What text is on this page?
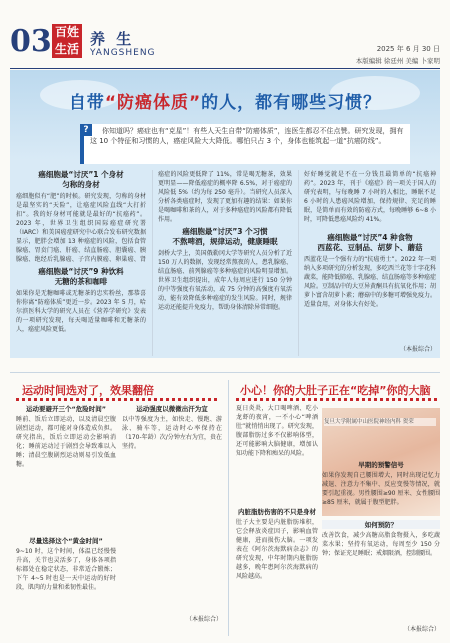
03 百姓
生活
养 生
YANGSHENG	2025 年 6 月 30 日
本版编辑 徐廷州 美编 卜家明
自带“防癌体质”的人，都有哪些习惯？
你知道吗？癌症也有“克星”！有些人天生自带“防癌体质”，连医生都忍不住点赞。研究发现，拥有这 10 个特征和习惯的人，癌症风险大大降低。哪怕只占 3 个，身体也能筑起一道“抗癌防线”。
?
癌细胞最“讨厌”1 个身材
匀称的身材
癌细胞似有“肥”的时候。研究发现，匀称的身材是最坚实的“天险”，让癌症风险直线“大打折扣”。我的好身材可能就是最好的“抗癌药”。2023 年，世界卫生组织国际癌症研究署（IARC）和美国癌症研究中心联合发布研究数据显示，肥胖会增加 13 种癌症的风险，包括食管腺癌、胃贲门癌、肝癌、结直肠癌、胆囊癌、胰腺癌、绝经后乳腺癌、子宫内膜癌、卵巢癌、肾
癌细胞最“讨厌”9 种饮料
无糖的茶和咖啡
如果你是无糖咖啡或无糖茶的忠实粉丝，那恭喜你你离“防癌体质”更近一步。2023 年 5 月，哈尔滨医科大学的研究人员在《营养学研究》发表的一项研究发现，每天喝适量咖啡和无糖茶的人，癌症风险更低。
癌症的风险更低降了 11%，常是喝无糖茶，效果更明显——降低癌症的概率降 6.5%，对于癌症的风险低 5%（约为每 250 毫升）。当研究人员深入分析各类癌症时，发现了更加有趣的结果：如果你是喝咖啡和茶的人，对于多种癌症的风险都有降低作用。
癌细胞最“讨厌”3 个习惯
不熬啤酒，规律运动，健康睡眠
剑桥大学上，美国俄勒冈大学等研究人员分析了近 150 万人的数据，发现经常熬夜的人，患乳腺癌、结直肠癌、前列腺癌等多种癌症的风险明显增加。世界卫生组织提出，成年人每周应进行 150 分钟的中等强度有氧活动，或 75 分钟的高强度有氧活动，能有效降低多种癌症的发生风险。同时，规律运动还能提升免疫力，帮助身体清除异常细胞。
好好睡觉就是不在一分钱且最简单的“抗癌神药”。2023 年，刊于《癌症》的一项关于国人的研究表明，与每晚睡 7 小时的人相比，睡眠不足 6 小时的人患癌风险增加，保持规律、充足的睡眠，是简单而有效的防癌方式，每晚睡够 6~8 小时，可降低患癌风险约 41%。
癌细胞最“讨厌”4 种食物
西蓝花、豆制品、胡萝卜、蘑菇
西蓝花是一个强有力的“抗癌勇士”。2022 年一项纳入多项研究的分析发现，多吃西兰花等十字花科蔬菜，能降低肺癌、乳腺癌、结直肠癌等多种癌症风险。豆制品中的大豆异黄酮具有抗氧化作用；胡萝卜富含胡萝卜素；蘑菇中的多糖可增强免疫力。适量食用，对身体大有好处。
（本报综合）
运动时间选对了，效果翻倍
运动要避开三个“危险时间”
睡前、饭后立即运动，以及清晨空腹剧烈运动，都可能对身体造成负担。研究指出，饭后立即运动会影响消化；睡前运动过于剧烈会导致难以入睡；清晨空腹剧烈运动则易引发低血糖。
尽量选择这个“黄金时间”
9~10 时，这个时间，体温已经慢慢升高，关节也灵活多了，身体各项指标都处在稳定状态，非常适合锻炼；下午 4~5 时也是一天中运动的好时段，肌肉的力量和柔韧性最佳。
运动强度以微微出汗为宜
以中等强度为主，如快走、慢跑、游泳、骑车等，运动时心率保持在（170-年龄）次/分钟左右为宜，贵在坚持。
（本报综合）
小心！你的大肚子正在“吃掉”你的大脑
夏日炎炎，大口喝啤酒、吃小龙虾的夜宵，一不小心“啤酒肚”就悄悄出现了。研究发现，腹部脂肪过多不仅影响体型，还可能影响大脑健康，增加认知功能下降和痴呆的风险。
内脏脂肪伤害的不只是身材
肚子大主要是内脏脂肪堆积，它会释放炎症因子，影响血管健康，进而损伤大脑。一项发表在《阿尔茨海默病杂志》的研究发现，中年时期内脏脂肪越多，晚年患阿尔茨海默病的风险越高。
复旦大学附属中山医院神经内科 贺荣
早期的预警信号
如果你发现自己腰围增大，同时出现记忆力减退、注意力不集中、反应变慢等情况，就要引起重视。男性腰围≥90 厘米、女性腰围≥85 厘米，就属于腹型肥胖。
如何预防？
改善饮食，减少高糖高脂食物摄入，多吃蔬菜水果；坚持有氧运动，每周至少 150 分钟；保证充足睡眠；戒烟限酒，控制腰围。
（本报综合）
